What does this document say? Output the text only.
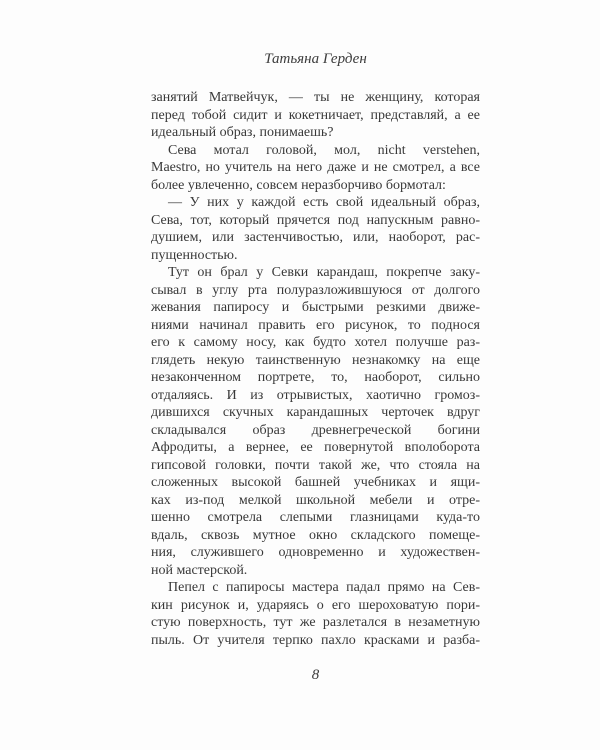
Татьяна Герден
занятий Матвейчук, — ты не женщину, которая
перед тобой сидит и кокетничает, представляй, а ее
идеальный образ, понимаешь?
Сева мотал головой, мол, nicht verstehen,
Maestro, но учитель на него даже и не смотрел, а все
более увлеченно, совсем неразборчиво бормотал:
— У них у каждой есть свой идеальный образ,
Сева, тот, который прячется под напускным равно-
душием, или застенчивостью, или, наоборот, рас-
пущенностью.
Тут он брал у Севки карандаш, покрепче заку-
сывал в углу рта полуразложившуюся от долгого
жевания папиросу и быстрыми резкими движе-
ниями начинал править его рисунок, то поднося
его к самому носу, как будто хотел получше раз-
глядеть некую таинственную незнакомку на еще
незаконченном портрете, то, наоборот, сильно
отдаляясь. И из отрывистых, хаотично громоз-
дившихся скучных карандашных черточек вдруг
складывался образ древнегреческой богини
Афродиты, а вернее, ее повернутой вполоборота
гипсовой головки, почти такой же, что стояла на
сложенных высокой башней учебниках и ящи-
ках из-под мелкой школьной мебели и отре-
шенно смотрела слепыми глазницами куда-то
вдаль, сквозь мутное окно складского помеще-
ния, служившего одновременно и художествен-
ной мастерской.
Пепел с папиросы мастера падал прямо на Сев-
кин рисунок и, ударяясь о его шероховатую пори-
стую поверхность, тут же разлетался в незаметную
пыль. От учителя терпко пахло красками и разба-
8
